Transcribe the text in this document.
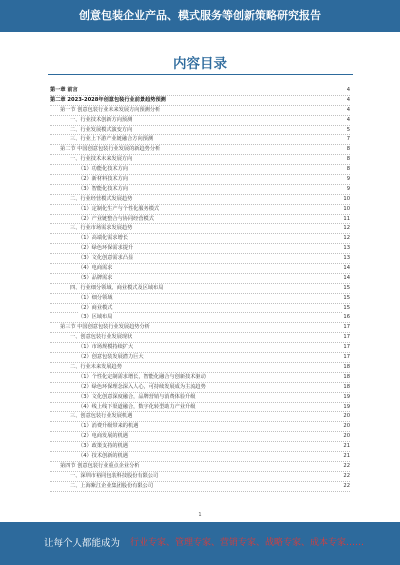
创意包装企业产品、模式服务等创新策略研究报告
内容目录
第一章 前言	4
第二章 2023-2028年创意包装行业前景趋势预测	4
第一节 创意包装行业未来发展方向预测分析	4
一、行业技术创新方向预测	4
二、行业发展模式演变方向	5
三、行业上下游产业链融合方向预测	7
第二节 中国创意包装行业发展的新趋势分析	8
一、行业技术未来发展方向	8
（1）功能化技术方向	8
（2）新材料技术方向	9
（3）智能化技术方向	9
二、行业经营模式发展趋势	10
（1）定制化生产与个性化服务模式	10
（2）产业链整合与协同经营模式	11
三、行业市场需求发展趋势	12
（1）高端化需求增长	12
（2）绿色环保需求提升	13
（3）文化创意需求凸显	13
（4）电商需求	14
（5）品牌需求	14
四、行业细分领域、商业模式及区域布局	15
（1）细分领域	15
（2）商业模式	15
（3）区域布局	16
第三节 中国创意包装行业发展趋势分析	17
一、创意包装行业发展现状	17
（1）市场规模持续扩大	17
（2）创意包装发展潜力巨大	17
二、行业未来发展趋势	18
（1）个性化定制需求增长，智能化融合与创新技术驱动	18
（2）绿色环保理念深入人心，可持续发展成为主流趋势	18
（3）文化创意深度融合，品牌营销与消费体验升级	19
（4）线上线下渠道融合，数字化转型助力产业升级	19
三、创意包装行业发展机遇	20
（1）消费升级带来的机遇	20
（2）电商发展的机遇	20
（3）政策支持的机遇	21
（4）技术创新的机遇	21
第四节 创意包装行业重点企业分析	22
一、深圳市裕同包装科技股份有限公司	22
二、上海紫江企业集团股份有限公司	22
1
让每个人都能成为 行业专家、管理专家、营销专家、战略专家、成本专家……
